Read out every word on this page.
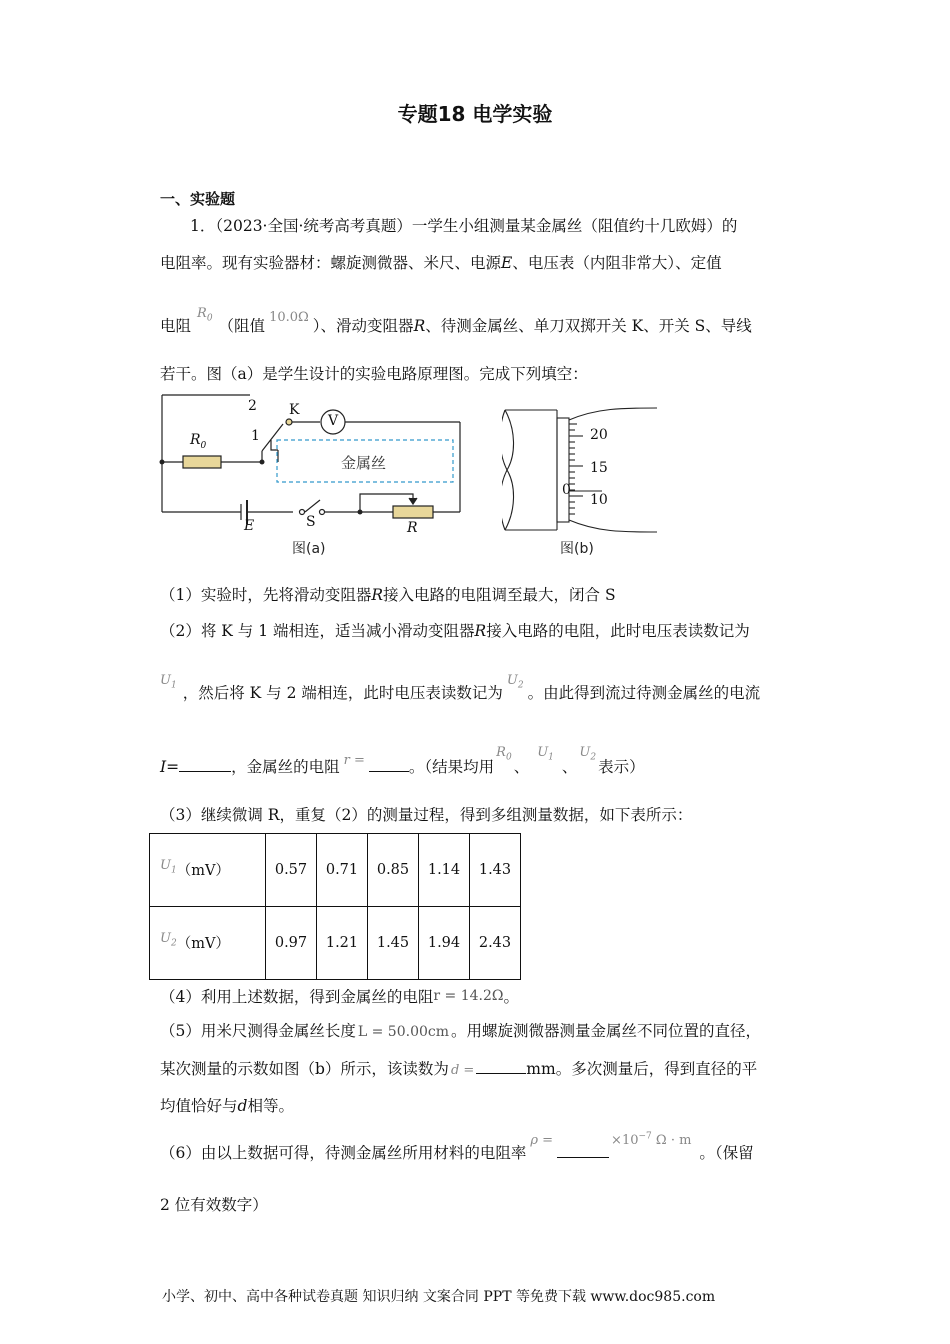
专题18 电学实验
一、实验题
1．（2023·全国·统考高考真题）一学生小组测量某金属丝（阻值约十几欧姆）的
电阻率。现有实验器材：螺旋测微器、米尺、电源E、电压表（内阻非常大）、定值
电阻$^{R_0}$ （阻值 $^{10.0\Omega}$ ）、滑动变阻器R、待测金属丝、单刀双掷开关 K、开关 S、导线
若干。图（a）是学生设计的实验电路原理图。完成下列填空：
2 K
V
1
$R_0$
金属丝
E	S	R
图(a)
20
15
0
10
图(b)
（1）实验时，先将滑动变阻器R接入电路的电阻调至最大，闭合 S
（2）将 K 与 1 端相连，适当减小滑动变阻器R接入电路的电阻，此时电压表读数记为
$^{U_1}$ ，然后将 K 与 2 端相连，此时电压表读数记为$^{U_2}$ 。由此得到流过待测金属丝的电流
I=	，金属丝的电阻 $^{r =}$	。（结果均用$^{R_0}$、$^{U_1}$、$^{U_2}$表示）
（3）继续微调 R，重复（2）的测量过程，得到多组测量数据，如下表所示：
$U_1(mV)$	0.57	0.71	0.85	1.14	1.43
$U_2(mV)$	0.97	1.21	1.45	1.94	2.43
（4）利用上述数据，得到金属丝的电阻r = 14.2Ω。
（5）用米尺测得金属丝长度 L = 50.00cm 。用螺旋测微器测量金属丝不同位置的直径，
某次测量的示数如图（b）所示，该读数为 d =	mm。多次测量后，得到直径的平
均值恰好与d相等。
（6）由以上数据可得，待测金属丝所用材料的电阻率$^{\rho =}$	$^{\times 10^{-7} \Omega \cdot m}$。（保留
2 位有效数字）
小学、初中、高中各种试卷真题 知识归纳 文案合同 PPT 等免费下载 www.doc985.com
